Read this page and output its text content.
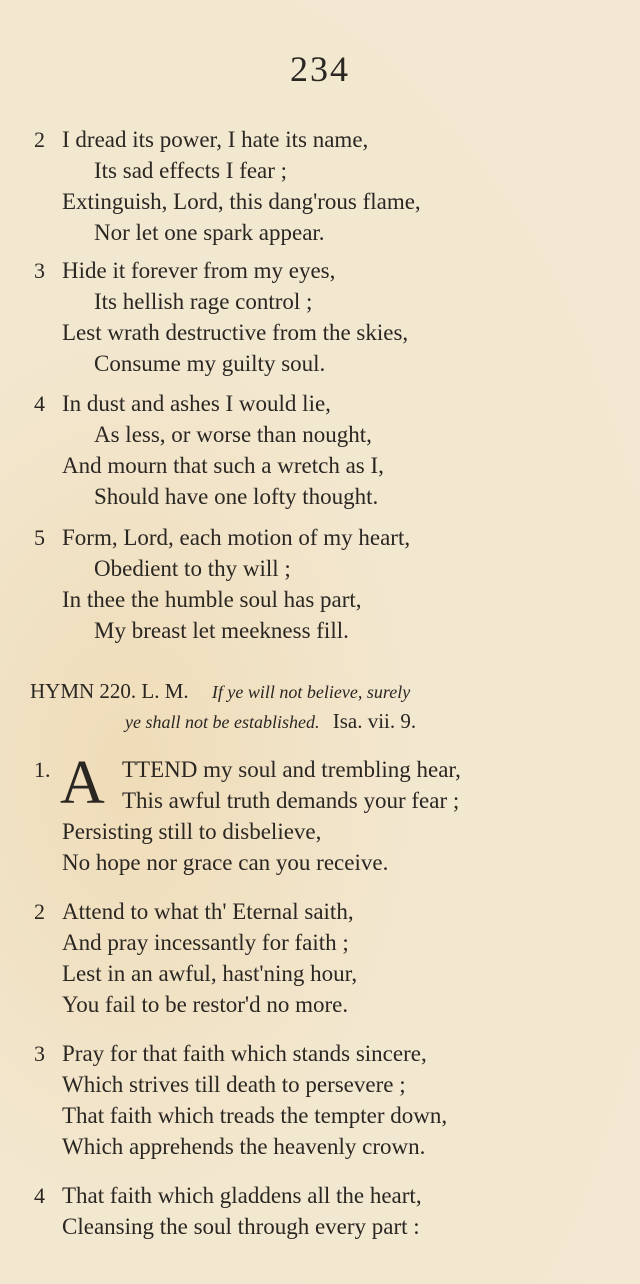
234
2 I dread its power, I hate its name,
Its sad effects I fear ;
Extinguish, Lord, this dang'rous flame,
Nor let one spark appear.
3 Hide it forever from my eyes,
Its hellish rage control ;
Lest wrath destructive from the skies,
Consume my guilty soul.
4 In dust and ashes I would lie,
As less, or worse than nought,
And mourn that such a wretch as I,
Should have one lofty thought.
5 Form, Lord, each motion of my heart,
Obedient to thy will ;
In thee the humble soul has part,
My breast let meekness fill.
HYMN 220. L. M. If ye will not believe, surely
ye shall not be established. Isa. vii. 9.
A
1.	TTEND my soul and trembling hear,
This awful truth demands your fear ;
Persisting still to disbelieve,
No hope nor grace can you receive.
2 Attend to what th' Eternal saith,
And pray incessantly for faith ;
Lest in an awful, hast'ning hour,
You fail to be restor'd no more.
3 Pray for that faith which stands sincere,
Which strives till death to persevere ;
That faith which treads the tempter down,
Which apprehends the heavenly crown.
4 That faith which gladdens all the heart,
Cleansing the soul through every part :
